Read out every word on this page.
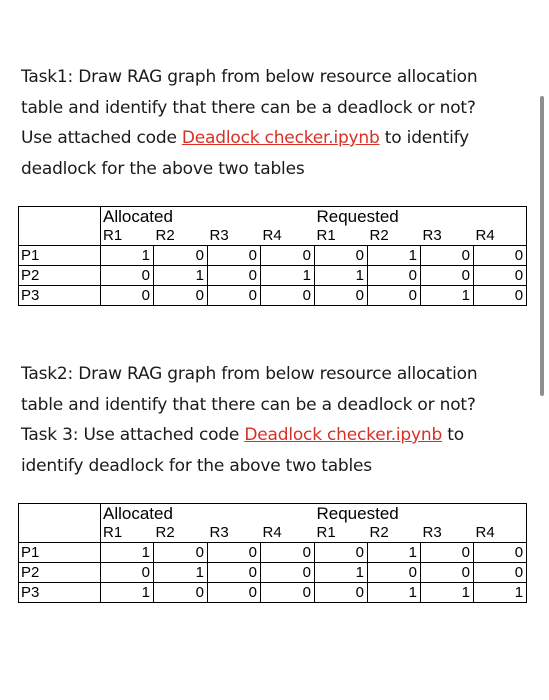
Task1: Draw RAG graph from below resource allocation
table and identify that there can be a deadlock or not?
Use attached code Deadlock checker.ipynb to identify
deadlock for the above two tables
	Allocated				Requested			
	R1	R2	R3	R4	R1	R2	R3	R4
P1	1	0	0	0	0	1	0	0
P2	0	1	0	1	1	0	0	0
P3	0	0	0	0	0	0	1	0
Task2: Draw RAG graph from below resource allocation
table and identify that there can be a deadlock or not?
Task 3: Use attached code Deadlock checker.ipynb to
identify deadlock for the above two tables
	Allocated				Requested			
	R1	R2	R3	R4	R1	R2	R3	R4
P1	1	0	0	0	0	1	0	0
P2	0	1	0	0	1	0	0	0
P3	1	0	0	0	0	1	1	1
